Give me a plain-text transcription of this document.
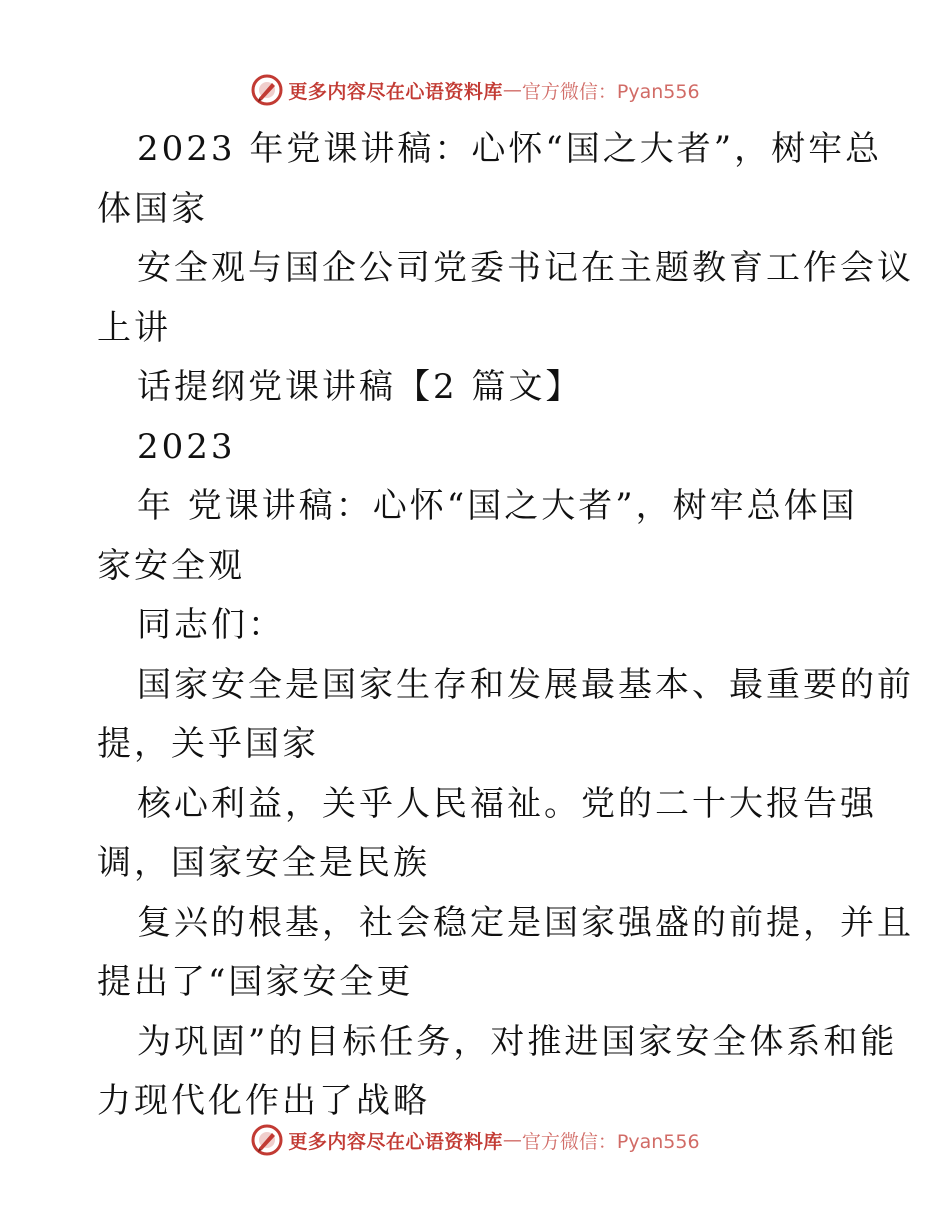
更多内容尽在心语资料库 — 官方微信：Pyan556
2023 年党课讲稿：心怀“国之大者”，树牢总
体国家
安全观与国企公司党委书记在主题教育工作会议
上讲
话提纲党课讲稿【2 篇文】
2023
年 党课讲稿：心怀“国之大者”，树牢总体国
家安全观
同志们：
国家安全是国家生存和发展最基本、最重要的前
提，关乎国家
核心利益，关乎人民福祉。党的二十大报告强
调，国家安全是民族
复兴的根基，社会稳定是国家强盛的前提，并且
提出了“国家安全更
为巩固”的目标任务，对推进国家安全体系和能
力现代化作出了战略
更多内容尽在心语资料库 — 官方微信：Pyan556
